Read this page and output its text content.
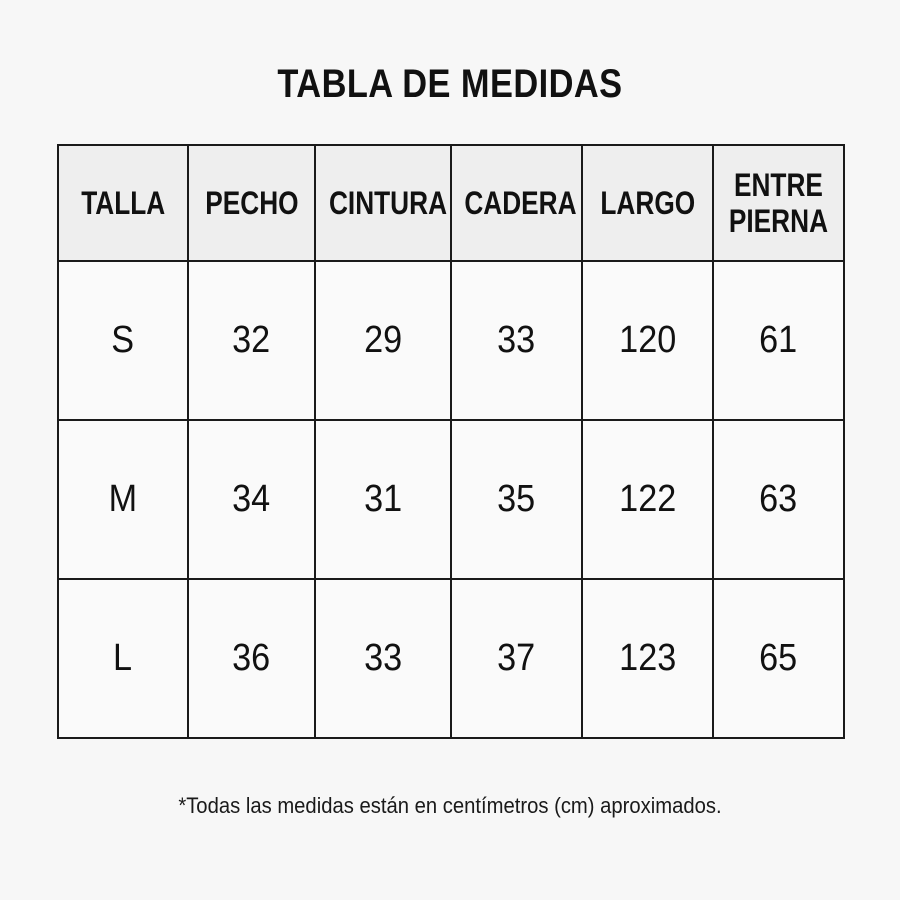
TABLA DE MEDIDAS
TALLA	PECHO	CINTURA	CADERA	LARGO	ENTRE
PIERNA
S	32	29	33	120	61
M	34	31	35	122	63
L	36	33	37	123	65
*Todas las medidas están en centímetros (cm) aproximados.
